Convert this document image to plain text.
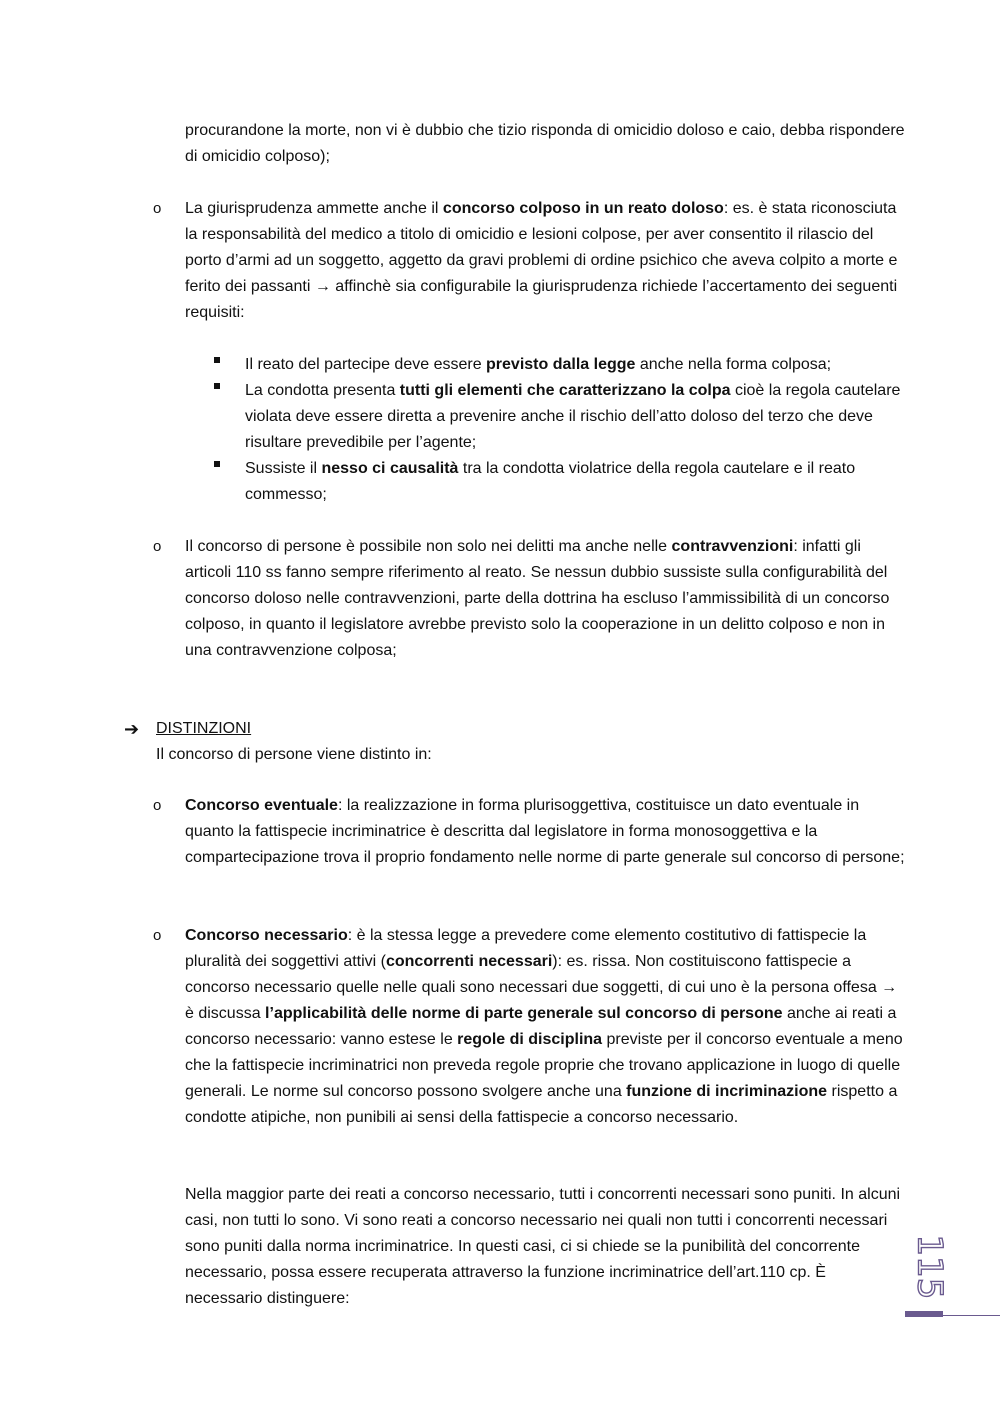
procurandone la morte, non vi è dubbio che tizio risponda di omicidio doloso e caio, debba rispondere di omicidio colposo);

o La giurisprudenza ammette anche il concorso colposo in un reato doloso: es. è stata riconosciuta la responsabilità del medico a titolo di omicidio e lesioni colpose, per aver consentito il rilascio del porto d’armi ad un soggetto, aggetto da gravi problemi di ordine psichico che aveva colpito a morte e ferito dei passanti → affinchè sia configurabile la giurisprudenza richiede l’accertamento dei seguenti requisiti:

Il reato del partecipe deve essere previsto dalla legge anche nella forma colposa;

La condotta presenta tutti gli elementi che caratterizzano la colpa cioè la regola cautelare violata deve essere diretta a prevenire anche il rischio dell’atto doloso del terzo che deve risultare prevedibile per l’agente;

Sussiste il nesso ci causalità tra la condotta violatrice della regola cautelare e il reato commesso;

o Il concorso di persone è possibile non solo nei delitti ma anche nelle contravvenzioni: infatti gli articoli 110 ss fanno sempre riferimento al reato. Se nessun dubbio sussiste sulla configurabilità del concorso doloso nelle contravvenzioni, parte della dottrina ha escluso l’ammissibilità di un concorso colposo, in quanto il legislatore avrebbe previsto solo la cooperazione in un delitto colposo e non in una contravvenzione colposa;

➔ DISTINZIONI

Il concorso di persone viene distinto in:

o Concorso eventuale: la realizzazione in forma plurisoggettiva, costituisce un dato eventuale in quanto la fattispecie incriminatrice è descritta dal legislatore in forma monosoggettiva e la compartecipazione trova il proprio fondamento nelle norme di parte generale sul concorso di persone;

o Concorso necessario: è la stessa legge a prevedere come elemento costitutivo di fattispecie la pluralità dei soggettivi attivi (concorrenti necessari): es. rissa. Non costituiscono fattispecie a concorso necessario quelle nelle quali sono necessari due soggetti, di cui uno è la persona offesa → è discussa l’applicabilità delle norme di parte generale sul concorso di persone anche ai reati a concorso necessario: vanno estese le regole di disciplina previste per il concorso eventuale a meno che la fattispecie incriminatrici non preveda regole proprie che trovano applicazione in luogo di quelle generali. Le norme sul concorso possono svolgere anche una funzione di incriminazione rispetto a condotte atipiche, non punibili ai sensi della fattispecie a concorso necessario.

Nella maggior parte dei reati a concorso necessario, tutti i concorrenti necessari sono puniti. In alcuni casi, non tutti lo sono. Vi sono reati a concorso necessario nei quali non tutti i concorrenti necessari sono puniti dalla norma incriminatrice. In questi casi, ci si chiede se la punibilità del concorrente necessario, possa essere recuperata attraverso la funzione incriminatrice dell’art.110 cp. È necessario distinguere:	115
